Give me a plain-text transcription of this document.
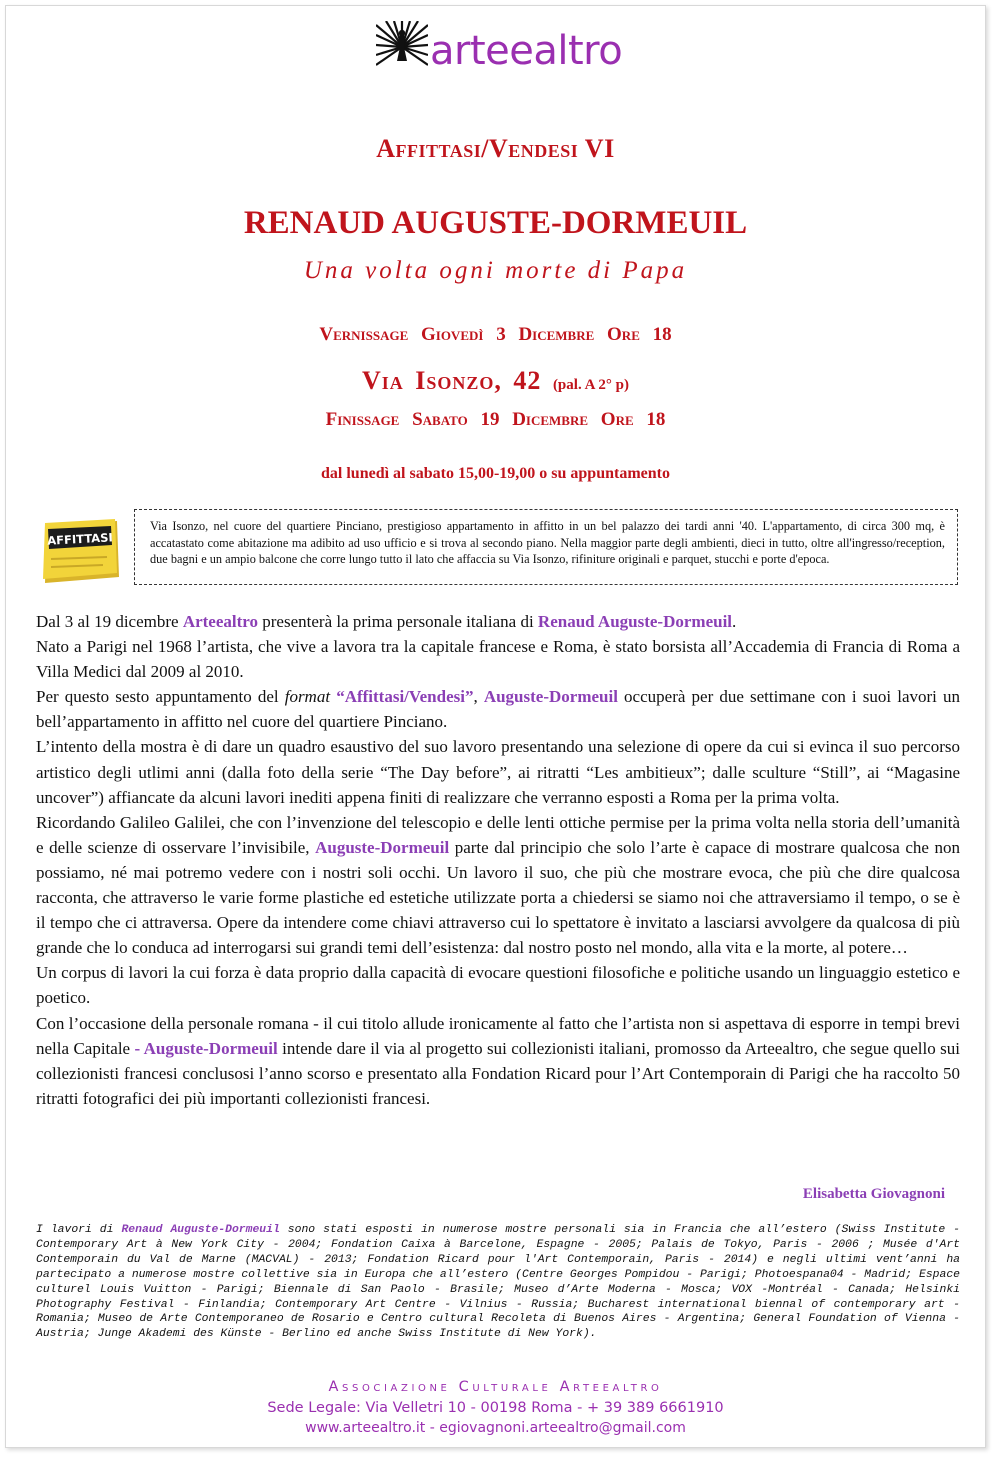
arteealtro
Affittasi/Vendesi VI
RENAUD AUGUSTE-DORMEUIL
Una volta ogni morte di Papa
Vernissage Giovedì 3 Dicembre Ore 18
Via Isonzo, 42 (pal. A 2° p)
Finissage Sabato 19 Dicembre Ore 18
dal lunedì al sabato 15,00-19,00 o su appuntamento
AFFITTASI
Via Isonzo, nel cuore del quartiere Pinciano, prestigioso appartamento in affitto in un bel palazzo dei tardi anni '40. L'appartamento, di circa 300 mq, è accatastato come abitazione ma adibito ad uso ufficio e si trova al secondo piano. Nella maggior parte degli ambienti, dieci in tutto, oltre all'ingresso/reception, due bagni e un ampio balcone che corre lungo tutto il lato che affaccia su Via Isonzo, rifiniture originali e parquet, stucchi e porte d'epoca.

Dal 3 al 19 dicembre Arteealtro presenterà la prima personale italiana di Renaud Auguste-Dormeuil.

Nato a Parigi nel 1968 l’artista, che vive a lavora tra la capitale francese e Roma, è stato borsista all’Accademia di Francia di Roma a Villa Medici dal 2009 al 2010.

Per questo sesto appuntamento del format “Affittasi/Vendesi”, Auguste-Dormeuil occuperà per due settimane con i suoi lavori un bell’appartamento in affitto nel cuore del quartiere Pinciano.

L’intento della mostra è di dare un quadro esaustivo del suo lavoro presentando una selezione di opere da cui si evinca il suo percorso artistico degli utlimi anni (dalla foto della serie “The Day before”, ai ritratti “Les ambitieux”; dalle sculture “Still”, ai “Magasine uncover”) affiancate da alcuni lavori inediti appena finiti di realizzare che verranno esposti a Roma per la prima volta.

Ricordando Galileo Galilei, che con l’invenzione del telescopio e delle lenti ottiche permise per la prima volta nella storia dell’umanità e delle scienze di osservare l’invisibile, Auguste-Dormeuil parte dal principio che solo l’arte è capace di mostrare qualcosa che non possiamo, né mai potremo vedere con i nostri soli occhi. Un lavoro il suo, che più che mostrare evoca, che più che dire qualcosa racconta, che attraverso le varie forme plastiche ed estetiche utilizzate porta a chiedersi se siamo noi che attraversiamo il tempo, o se è il tempo che ci attraversa. Opere da intendere come chiavi attraverso cui lo spettatore è invitato a lasciarsi avvolgere da qualcosa di più grande che lo conduca ad interrogarsi sui grandi temi dell’esistenza: dal nostro posto nel mondo, alla vita e la morte, al potere…

Un corpus di lavori la cui forza è data proprio dalla capacità di evocare questioni filosofiche e politiche usando un linguaggio estetico e poetico.

Con l’occasione della personale romana - il cui titolo allude ironicamente al fatto che l’artista non si aspettava di esporre in tempi brevi nella Capitale - Auguste-Dormeuil intende dare il via al progetto sui collezionisti italiani, promosso da Arteealtro, che segue quello sui collezionisti francesi conclusosi l’anno scorso e presentato alla Fondation Ricard pour l’Art Contemporain di Parigi che ha raccolto 50 ritratti fotografici dei più importanti collezionisti francesi.

Elisabetta Giovagnoni
I lavori di Renaud Auguste-Dormeuil sono stati esposti in numerose mostre personali sia in Francia che all’estero (Swiss Institute - Contemporary Art à New York City - 2004; Fondation Caixa à Barcelone, Espagne - 2005; Palais de Tokyo, Paris - 2006 ; Musée d'Art Contemporain du Val de Marne (MACVAL) - 2013; Fondation Ricard pour l'Art Contemporain, Paris - 2014) e negli ultimi vent’anni ha partecipato a numerose mostre collettive sia in Europa che all’estero (Centre Georges Pompidou - Parigi; Photoespana04 - Madrid; Espace culturel Louis Vuitton - Parigi; Biennale di San Paolo - Brasile; Museo d’Arte Moderna - Mosca; VOX -Montréal - Canada; Helsinki Photography Festival - Finlandia; Contemporary Art Centre - Vilnius - Russia; Bucharest international biennal of contemporary art - Romania; Museo de Arte Contemporaneo de Rosario e Centro cultural Recoleta di Buenos Aires - Argentina; General Foundation of Vienna - Austria; Junge Akademi des Künste - Berlino ed anche Swiss Institute di New York).
Associazione Culturale Arteealtro
Sede Legale: Via Velletri 10 - 00198 Roma - + 39 389 6661910
www.arteealtro.it - egiovagnoni.arteealtro@gmail.com
